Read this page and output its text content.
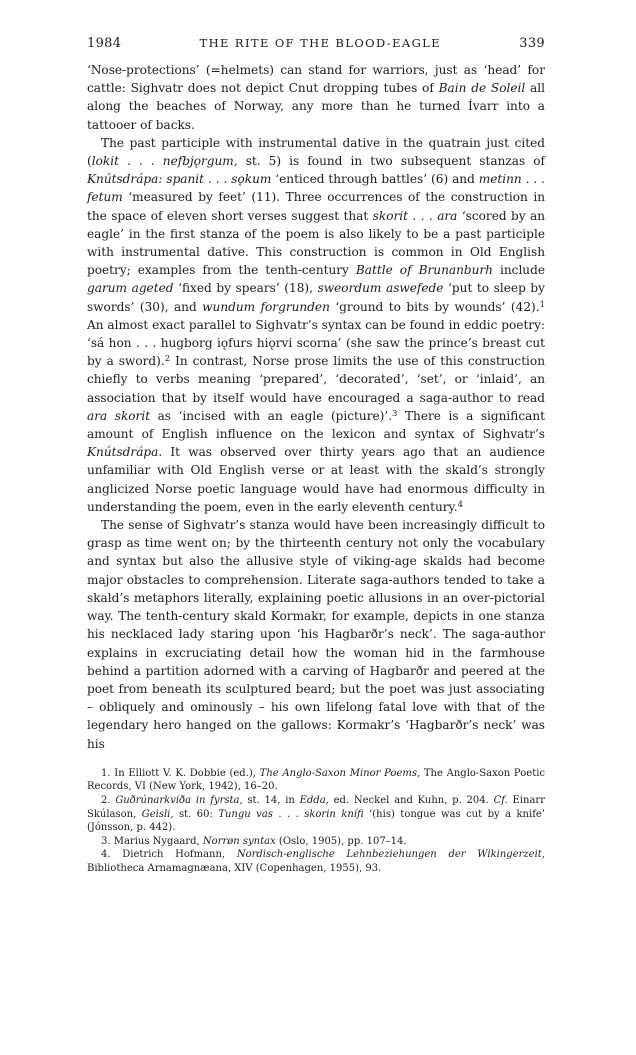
1984	THE RITE OF THE BLOOD-EAGLE	339

‘Nose-protections’ (=helmets) can stand for warriors, just as ‘head’ for cattle: Sighvatr does not depict Cnut dropping tubes of Bain de Soleil all along the beaches of Norway, any more than he turned Ívarr into a tattooer of backs.

The past participle with instrumental dative in the quatrain just cited (lokit . . . nefbjǫrgum, st. 5) is found in two subsequent stanzas of Knútsdrápa: spanit . . . sǫkum ‘enticed through battles’ (6) and metinn . . . fetum ‘measured by feet’ (11). Three occurrences of the construction in the space of eleven short verses suggest that skorit . . . ara ‘scored by an eagle’ in the first stanza of the poem is also likely to be a past participle with instrumental dative. This construction is common in Old English poetry; examples from the tenth-century Battle of Brunanburh include garum ageted ‘fixed by spears’ (18), sweordum aswefede ‘put to sleep by swords’ (30), and wundum forgrunden ‘ground to bits by wounds’ (42).$^1$ An almost exact parallel to Sighvatr’s syntax can be found in eddic poetry: ‘sá hon . . . hugborg iǫfurs hiǫrvi scorna’ (she saw the prince’s breast cut by a sword).$^2$ In contrast, Norse prose limits the use of this construction chiefly to verbs meaning ‘prepared’, ‘decorated’, ‘set’, or ‘inlaid’, an association that by itself would have encouraged a saga-author to read ara skorit as ‘incised with an eagle (picture)’.$^3$ There is a significant amount of English influence on the lexicon and syntax of Sighvatr’s Knútsdrápa. It was observed over thirty years ago that an audience unfamiliar with Old English verse or at least with the skald’s strongly anglicized Norse poetic language would have had enormous difficulty in understanding the poem, even in the early eleventh century.$^4$

The sense of Sighvatr’s stanza would have been increasingly difficult to grasp as time went on; by the thirteenth century not only the vocabulary and syntax but also the allusive style of viking-age skalds had become major obstacles to comprehension. Literate saga-authors tended to take a skald’s metaphors literally, explaining poetic allusions in an over-pictorial way. The tenth-century skald Kormakr, for example, depicts in one stanza his necklaced lady staring upon ‘his Hagbarðr’s neck’. The saga-author explains in excruciating detail how the woman hid in the farmhouse behind a partition adorned with a carving of Hagbarðr and peered at the poet from beneath its sculptured beard; but the poet was just associating – obliquely and ominously – his own lifelong fatal love with that of the legendary hero hanged on the gallows: Kormakr’s ‘Hagbarðr’s neck’ was his

1. In Elliott V. K. Dobbie (ed.), The Anglo-Saxon Minor Poems, The Anglo-Saxon Poetic Records, VI (New York, 1942), 16–20.

2. Guðrúnarkviða in fyrsta, st. 14, in Edda, ed. Neckel and Kuhn, p. 204. Cf. Einarr Skúlason, Geisli, st. 60: Tungu vas . . . skorin knífi ‘(his) tongue was cut by a knife’ (Jónsson, p. 442).

3. Marius Nygaard, Norrøn syntax (Oslo, 1905), pp. 107–14.

4. Dietrich Hofmann, Nordisch-englische Lehnbeziehungen der Wikingerzeit, Bibliotheca Arnamagnæana, XIV (Copenhagen, 1955), 93.
